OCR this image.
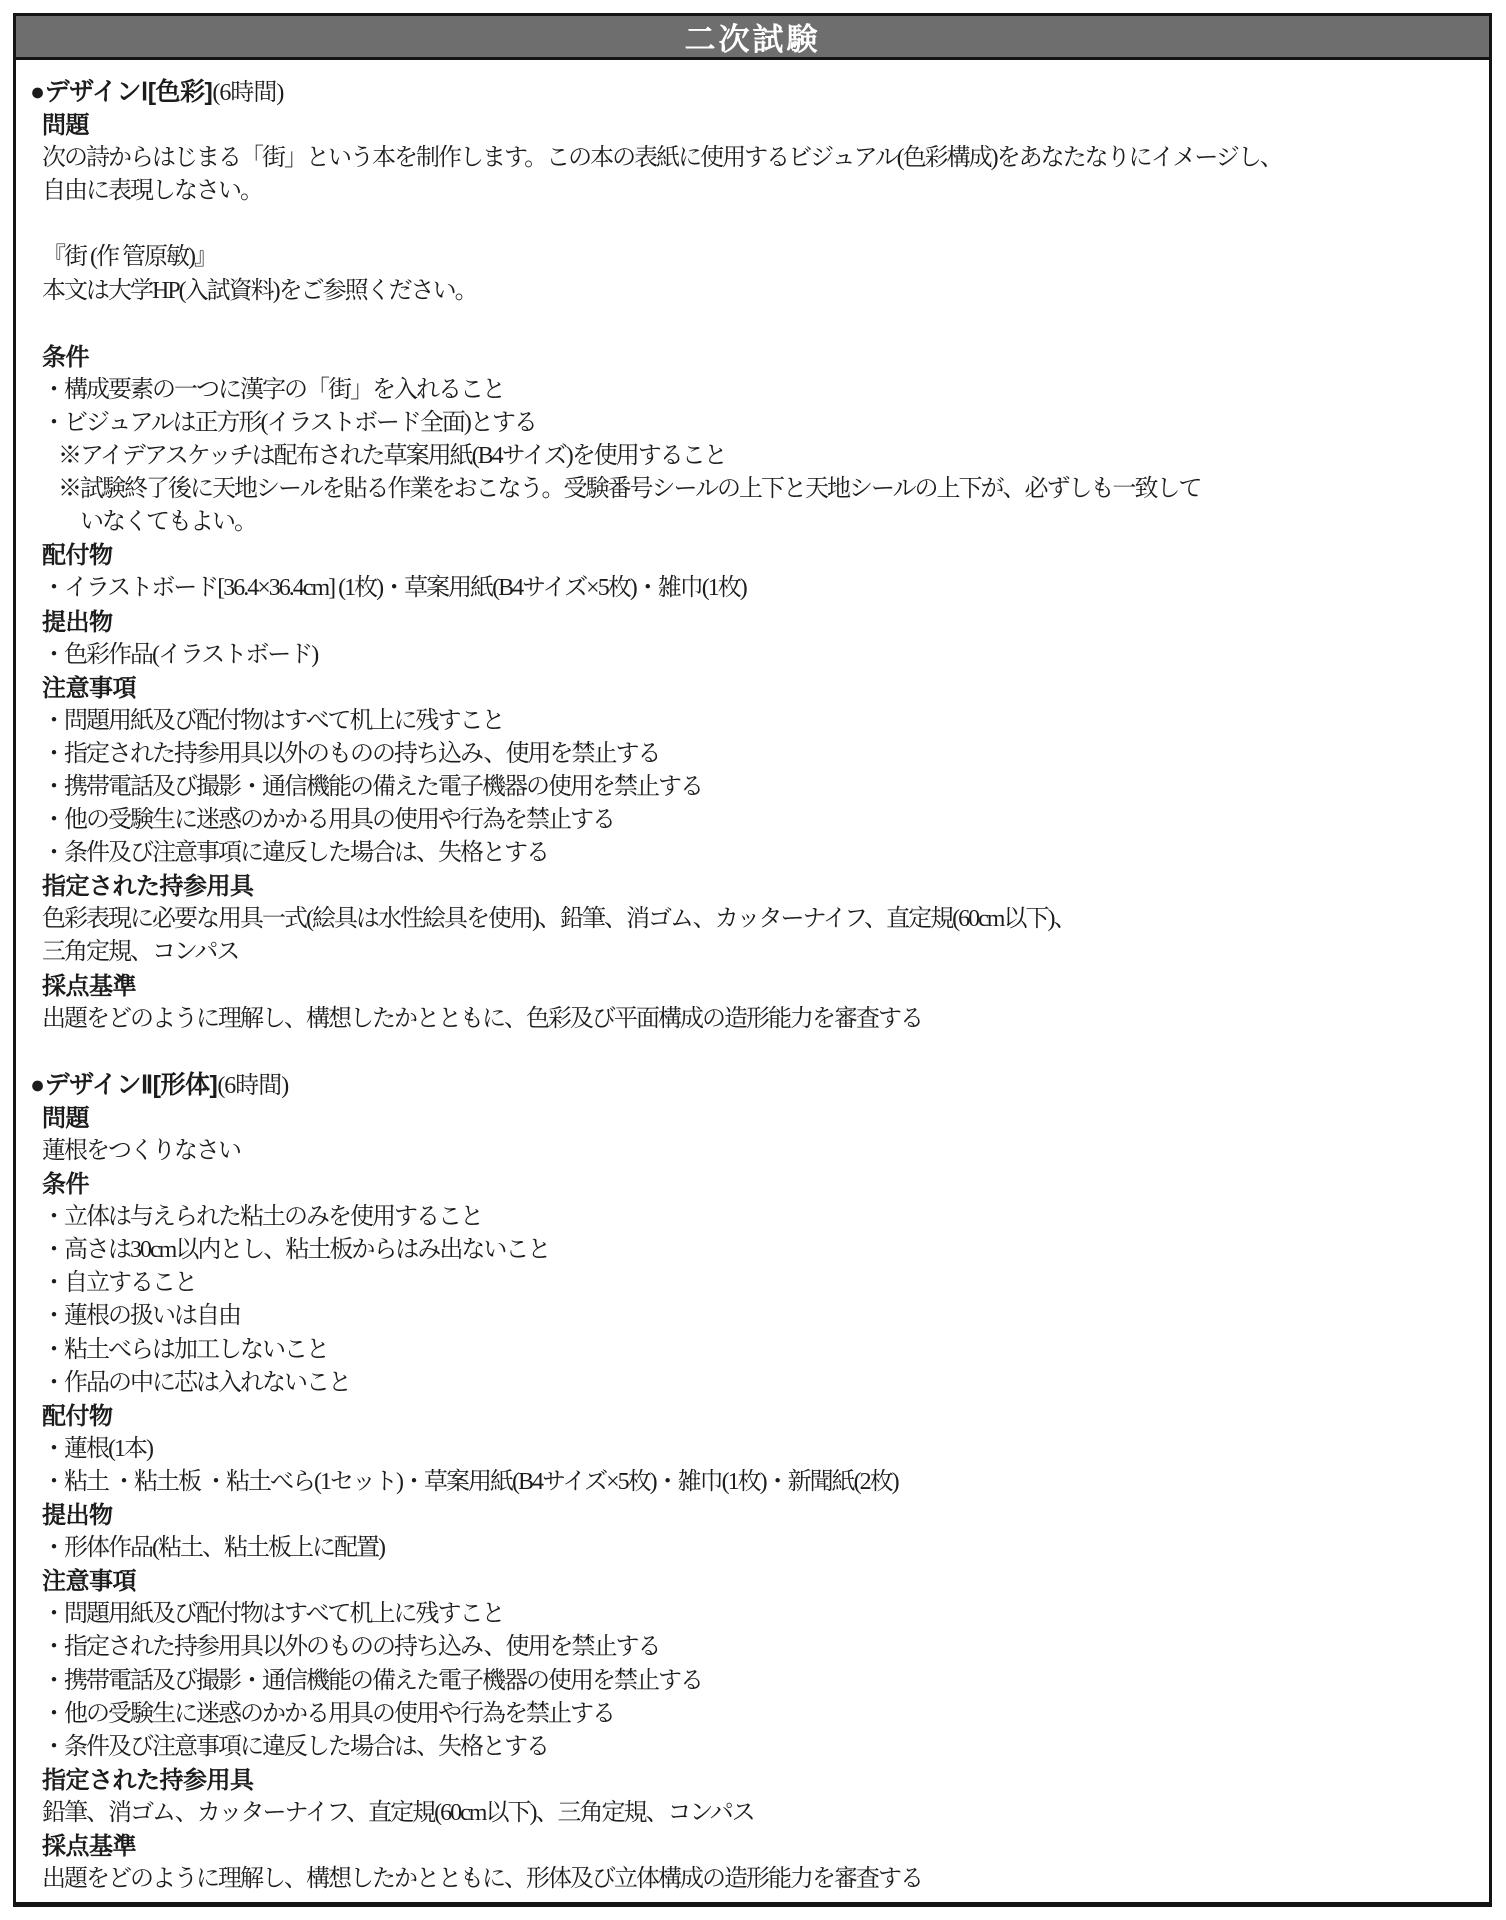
二次試験
●デザインⅠ[色彩](6時間)
問題
次の詩からはじまる「街」という本を制作します。この本の表紙に使用するビジュアル(色彩構成)をあなたなりにイメージし、
自由に表現しなさい。
『街 (作 管原敏)』
本文は大学HP(入試資料)をご参照ください。
条件
・構成要素の一つに漢字の「街」を入れること
・ビジュアルは正方形(イラストボード全面)とする
※アイデアスケッチは配布された草案用紙(B4サイズ)を使用すること
※試験終了後に天地シールを貼る作業をおこなう。受験番号シールの上下と天地シールの上下が、必ずしも一致して
いなくてもよい。
配付物
・イラストボード[36.4×36.4cm] (1枚)・草案用紙(B4サイズ×5枚)・雑巾(1枚)
提出物
・色彩作品(イラストボード)
注意事項
・問題用紙及び配付物はすべて机上に残すこと
・指定された持参用具以外のものの持ち込み、使用を禁止する
・携帯電話及び撮影・通信機能の備えた電子機器の使用を禁止する
・他の受験生に迷惑のかかる用具の使用や行為を禁止する
・条件及び注意事項に違反した場合は、失格とする
指定された持参用具
色彩表現に必要な用具一式(絵具は水性絵具を使用)、鉛筆、消ゴム、カッターナイフ、直定規(60cm以下)、
三角定規、コンパス
採点基準
出題をどのように理解し、構想したかとともに、色彩及び平面構成の造形能力を審査する
●デザインⅡ[形体](6時間)
問題
蓮根をつくりなさい
条件
・立体は与えられた粘土のみを使用すること
・高さは30cm以内とし、粘土板からはみ出ないこと
・自立すること
・蓮根の扱いは自由
・粘土べらは加工しないこと
・作品の中に芯は入れないこと
配付物
・蓮根(1本)
・粘土 ・粘土板 ・粘土べら(1セット)・草案用紙(B4サイズ×5枚)・雑巾(1枚)・新聞紙(2枚)
提出物
・形体作品(粘土、粘土板上に配置)
注意事項
・問題用紙及び配付物はすべて机上に残すこと
・指定された持参用具以外のものの持ち込み、使用を禁止する
・携帯電話及び撮影・通信機能の備えた電子機器の使用を禁止する
・他の受験生に迷惑のかかる用具の使用や行為を禁止する
・条件及び注意事項に違反した場合は、失格とする
指定された持参用具
鉛筆、消ゴム、カッターナイフ、直定規(60cm以下)、三角定規、コンパス
採点基準
出題をどのように理解し、構想したかとともに、形体及び立体構成の造形能力を審査する
